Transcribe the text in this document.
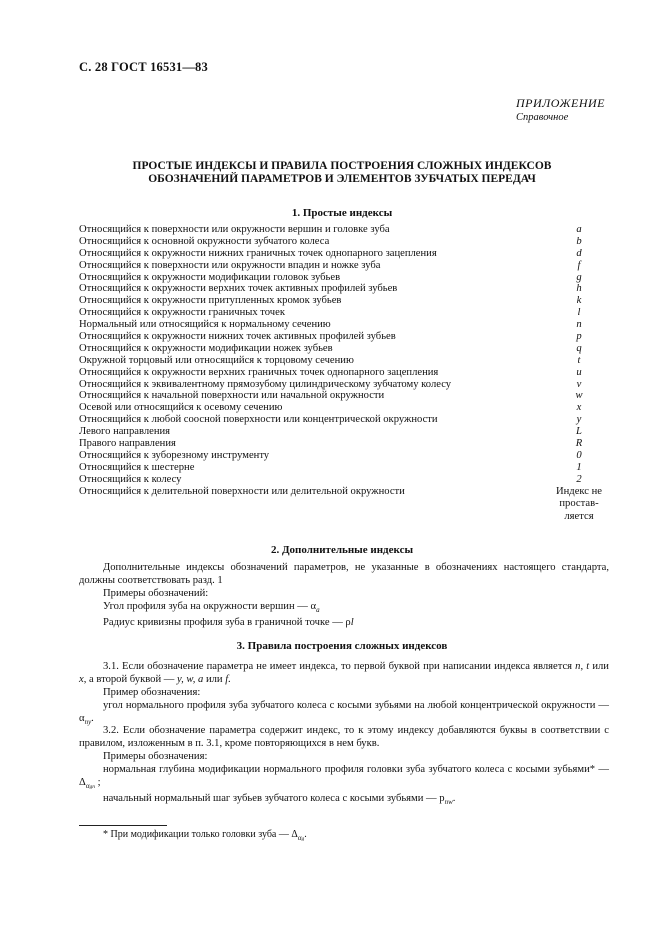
С. 28 ГОСТ 16531—83
ПРИЛОЖЕНИЕ
Справочное
ПРОСТЫЕ ИНДЕКСЫ И ПРАВИЛА ПОСТРОЕНИЯ СЛОЖНЫХ ИНДЕКСОВ
ОБОЗНАЧЕНИЙ ПАРАМЕТРОВ И ЭЛЕМЕНТОВ ЗУБЧАТЫХ ПЕРЕДАЧ
1. Простые индексы
Относящийся к поверхности или окружности вершин и головке зуба	a
Относящийся к основной окружности зубчатого колеса	b
Относящийся к окружности нижних граничных точек однопарного зацепления	d
Относящийся к поверхности или окружности впадин и ножке зуба	f
Относящийся к окружности модификации головок зубьев	g
Относящийся к окружности верхних точек активных профилей зубьев	h
Относящийся к окружности притупленных кромок зубьев	k
Относящийся к окружности граничных точек	l
Нормальный или относящийся к нормальному сечению	n
Относящийся к окружности нижних точек активных профилей зубьев	p
Относящийся к окружности модификации ножек зубьев	q
Окружной торцовый или относящийся к торцовому сечению	t
Относящийся к окружности верхних граничных точек однопарного зацепления	u
Относящийся к эквивалентному прямозубому цилиндрическому зубчатому колесу	v
Относящийся к начальной поверхности или начальной окружности	w
Осевой или относящийся к осевому сечению	x
Относящийся к любой соосной поверхности или концентрической окружности	y
Левого направления	L
Правого направления	R
Относящийся к зуборезному инструменту	0
Относящийся к шестерне	1
Относящийся к колесу	2
Относящийся к делительной поверхности или делительной окружности	Индекс не
простав-
ляется
2. Дополнительные индексы
Дополнительные индексы обозначений параметров, не указанные в обозначениях настоящего стандарта, должны соответствовать разд. 1
Примеры обозначений:
Угол профиля зуба на окружности вершин — $\alpha_a$
Радиус кривизны профиля зуба в граничной точке — ρl
3. Правила построения сложных индексов
3.1. Если обозначение параметра не имеет индекса, то первой буквой при написании индекса является n, t или x, а второй буквой — y, w, a или f.
Пример обозначения:
угол нормального профиля зуба зубчатого колеса с косыми зубьями на любой концентрической окружности — $\alpha_{ny}$.
3.2. Если обозначение параметра содержит индекс, то к этому индексу добавляются буквы в соответствии с правилом, изложенным в п. 3.1, кроме повторяющихся в нем букв.
Примеры обозначения:
нормальная глубина модификации нормального профиля головки зуба зубчатого колеса с косыми зубьями* — $\Delta_{\alpha gn}$ ;
начальный нормальный шаг зубьев зубчатого колеса с косыми зубьями — $p_{nw}$.
* При модификации только головки зуба — $\Delta_{\alpha g}$.
